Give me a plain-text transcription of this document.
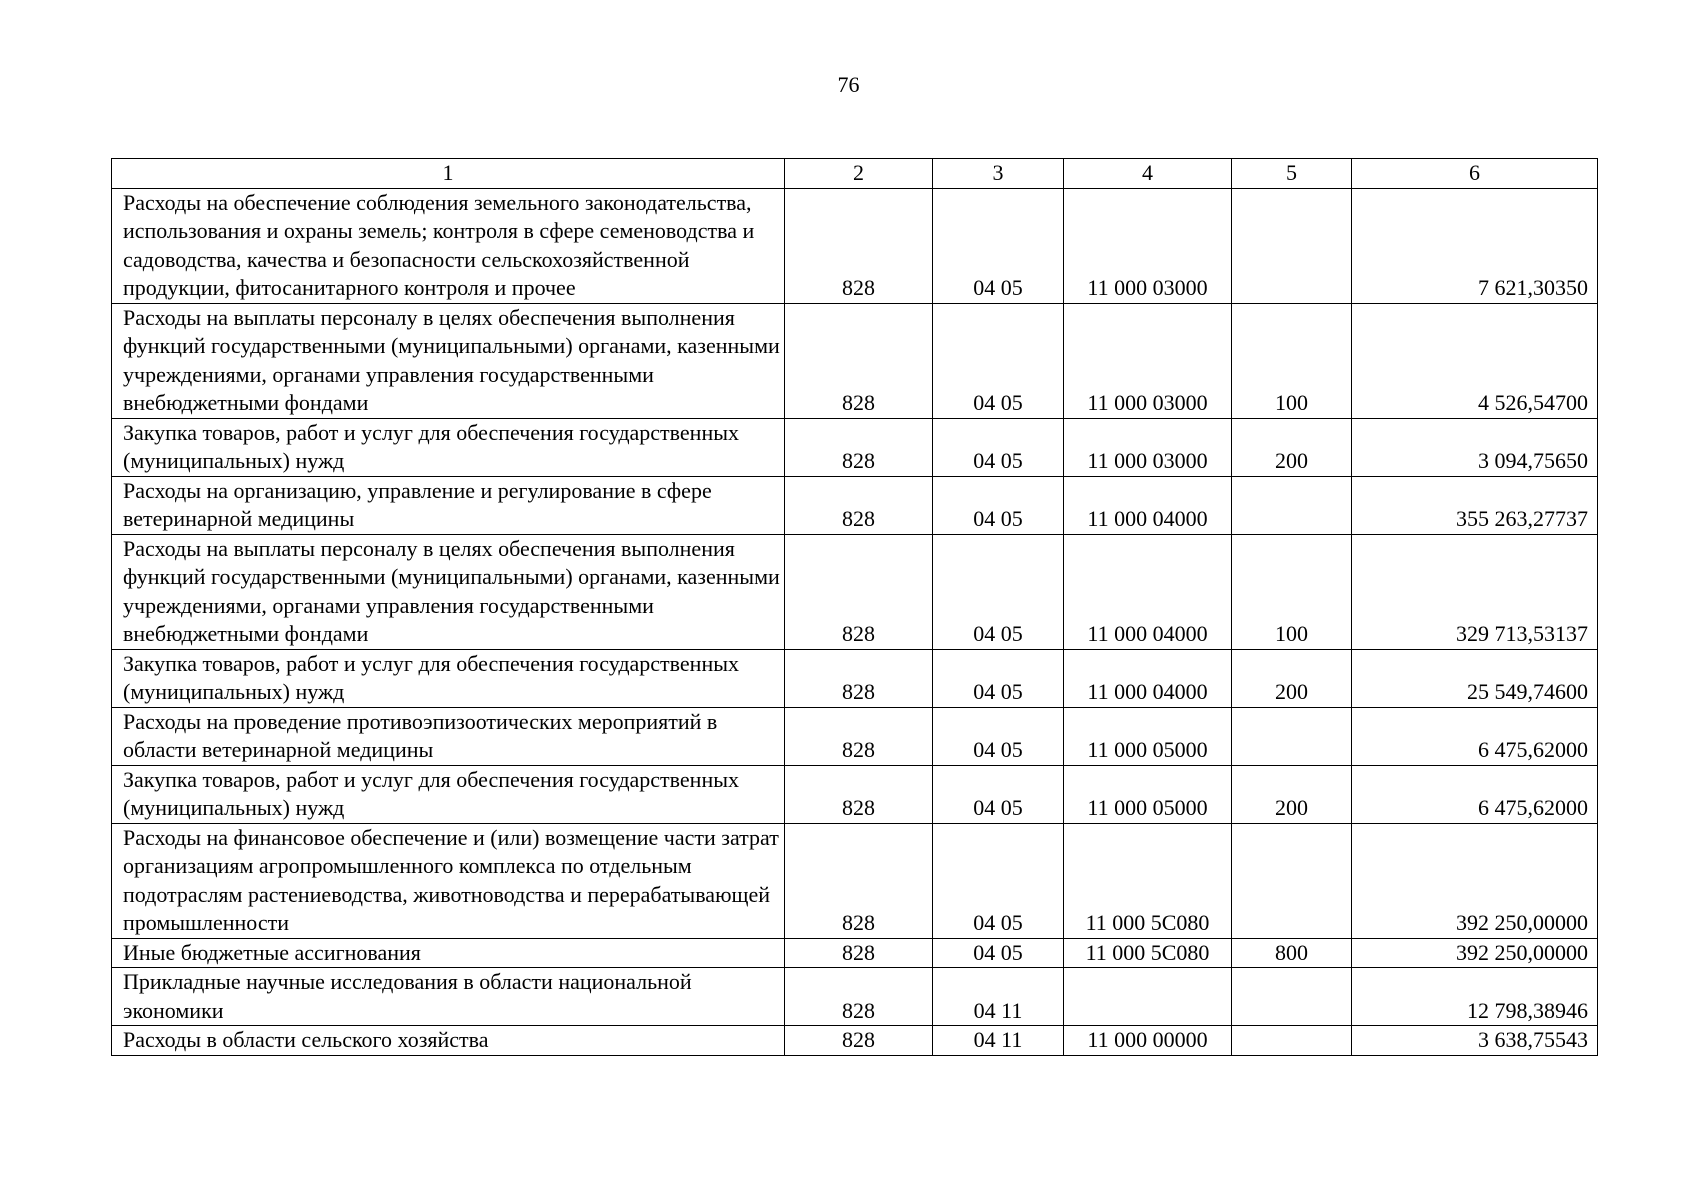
76
1	2	3	4	5	6
Расходы на обеспечение соблюдения земельного законодательства, использования и охраны земель; контроля в сфере семеноводства и садоводства, качества и безопасности сельскохозяйственной продукции, фитосанитарного контроля и прочее	828	04 05	11 000 03000		7 621,30350
Расходы на выплаты персоналу в целях обеспечения выполнения функций государственными (муниципальными) органами, казенными учреждениями, органами управления государственными внебюджетными фондами	828	04 05	11 000 03000	100	4 526,54700
Закупка товаров, работ и услуг для обеспечения государственных (муниципальных) нужд	828	04 05	11 000 03000	200	3 094,75650
Расходы на организацию, управление и регулирование в сфере ветеринарной медицины	828	04 05	11 000 04000		355 263,27737
Расходы на выплаты персоналу в целях обеспечения выполнения функций государственными (муниципальными) органами, казенными учреждениями, органами управления государственными внебюджетными фондами	828	04 05	11 000 04000	100	329 713,53137
Закупка товаров, работ и услуг для обеспечения государственных (муниципальных) нужд	828	04 05	11 000 04000	200	25 549,74600
Расходы на проведение противоэпизоотических мероприятий в области ветеринарной медицины	828	04 05	11 000 05000		6 475,62000
Закупка товаров, работ и услуг для обеспечения государственных (муниципальных) нужд	828	04 05	11 000 05000	200	6 475,62000
Расходы на финансовое обеспечение и (или) возмещение части затрат организациям агропромышленного комплекса по отдельным подотраслям растениеводства, животноводства и перерабатывающей промышленности	828	04 05	11 000 5С080		392 250,00000
Иные бюджетные ассигнования	828	04 05	11 000 5С080	800	392 250,00000
Прикладные научные исследования в области национальной экономики	828	04 11			12 798,38946
Расходы в области сельского хозяйства	828	04 11	11 000 00000		3 638,75543
